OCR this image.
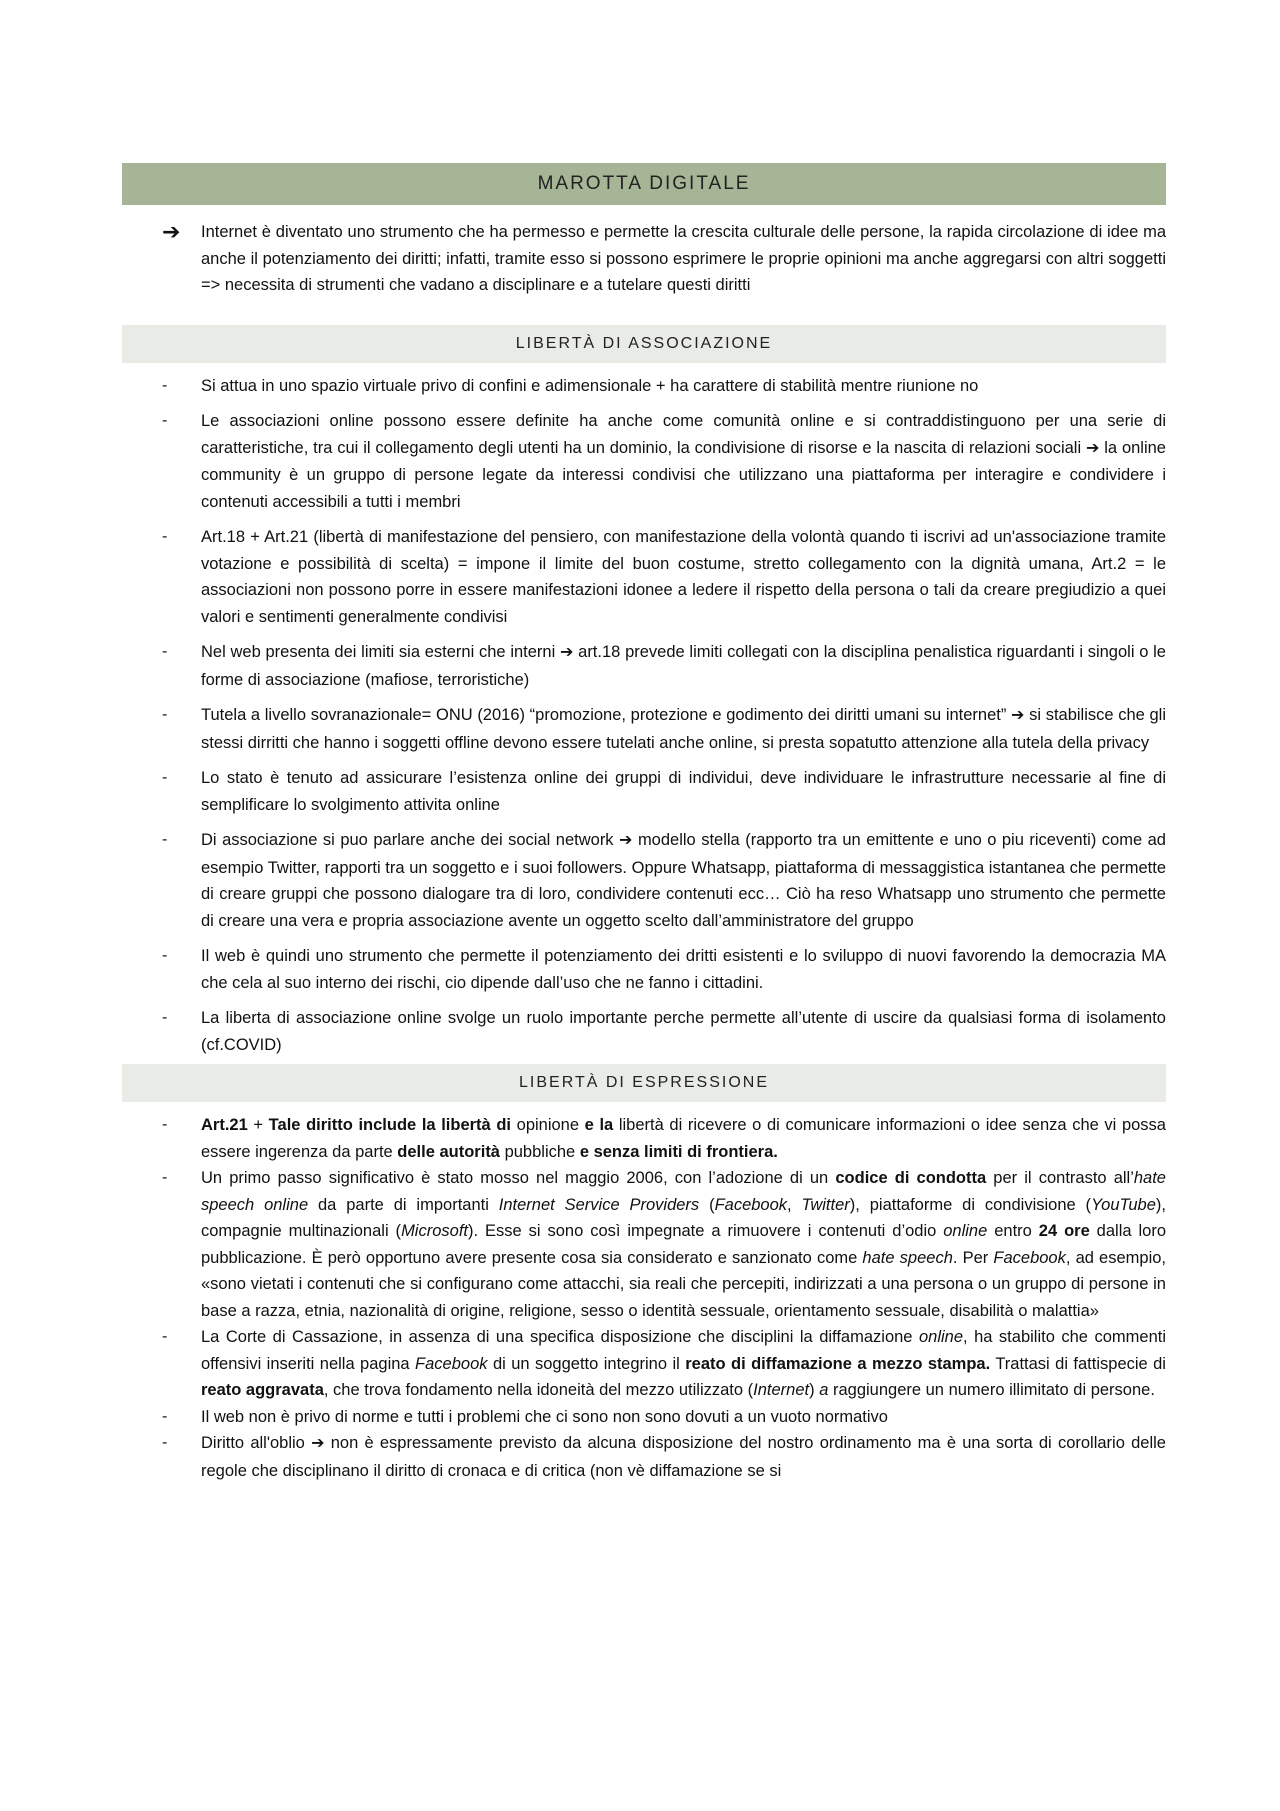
MAROTTA DIGITALE
➔	Internet è diventato uno strumento che ha permesso e permette la crescita culturale delle persone, la rapida circolazione di idee ma anche il potenziamento dei diritti; infatti, tramite esso si possono esprimere le proprie opinioni ma anche aggregarsi con altri soggetti => necessita di strumenti che vadano a disciplinare e a tutelare questi diritti
LIBERTÀ DI ASSOCIAZIONE
-	Si attua in uno spazio virtuale privo di confini e adimensionale + ha carattere di stabilità mentre riunione no
-	Le associazioni online possono essere definite ha anche come comunità online e si contraddistinguono per una serie di caratteristiche, tra cui il collegamento degli utenti ha un dominio, la condivisione di risorse e la nascita di relazioni sociali ➔ la online community è un gruppo di persone legate da interessi condivisi che utilizzano una piattaforma per interagire e condividere i contenuti accessibili a tutti i membri
-	Art.18 + Art.21 (libertà di manifestazione del pensiero, con manifestazione della volontà quando ti iscrivi ad un'associazione tramite votazione e possibilità di scelta) = impone il limite del buon costume, stretto collegamento con la dignità umana, Art.2 = le associazioni non possono porre in essere manifestazioni idonee a ledere il rispetto della persona o tali da creare pregiudizio a quei valori e sentimenti generalmente condivisi
-	Nel web presenta dei limiti sia esterni che interni ➔ art.18 prevede limiti collegati con la disciplina penalistica riguardanti i singoli o le forme di associazione (mafiose, terroristiche)
-	Tutela a livello sovranazionale= ONU (2016) “promozione, protezione e godimento dei diritti umani su internet” ➔ si stabilisce che gli stessi dirritti che hanno i soggetti offline devono essere tutelati anche online, si presta sopatutto attenzione alla tutela della privacy
-	Lo stato è tenuto ad assicurare l’esistenza online dei gruppi di individui, deve individuare le infrastrutture necessarie al fine di semplificare lo svolgimento attivita online
-	Di associazione si puo parlare anche dei social network ➔ modello stella (rapporto tra un emittente e uno o piu riceventi) come ad esempio Twitter, rapporti tra un soggetto e i suoi followers. Oppure Whatsapp, piattaforma di messaggistica istantanea che permette di creare gruppi che possono dialogare tra di loro, condividere contenuti ecc… Ciò ha reso Whatsapp uno strumento che permette di creare una vera e propria associazione avente un oggetto scelto dall’amministratore del gruppo
-	Il web è quindi uno strumento che permette il potenziamento dei dritti esistenti e lo sviluppo di nuovi favorendo la democrazia MA che cela al suo interno dei rischi, cio dipende dall’uso che ne fanno i cittadini.
-	La liberta di associazione online svolge un ruolo importante perche permette all’utente di uscire da qualsiasi forma di isolamento (cf.COVID)
LIBERTÀ DI ESPRESSIONE
-	Art.21 + Tale diritto include la libertà di opinione e la libertà di ricevere o di comunicare informazioni o idee senza che vi possa essere ingerenza da parte delle autorità pubbliche e senza limiti di frontiera.
-	Un primo passo significativo è stato mosso nel maggio 2006, con l’adozione di un codice di condotta per il contrasto all’hate speech online da parte di importanti Internet Service Providers (Facebook, Twitter), piattaforme di condivisione (YouTube), compagnie multinazionali (Microsoft). Esse si sono così impegnate a rimuovere i contenuti d’odio online entro 24 ore dalla loro pubblicazione. È però opportuno avere presente cosa sia considerato e sanzionato come hate speech. Per Facebook, ad esempio, «sono vietati i contenuti che si configurano come attacchi, sia reali che percepiti, indirizzati a una persona o un gruppo di persone in base a razza, etnia, nazionalità di origine, religione, sesso o identità sessuale, orientamento sessuale, disabilità o malattia»
-	La Corte di Cassazione, in assenza di una specifica disposizione che disciplini la diffamazione online, ha stabilito che commenti offensivi inseriti nella pagina Facebook di un soggetto integrino il reato di diffamazione a mezzo stampa. Trattasi di fattispecie di reato aggravata, che trova fondamento nella idoneità del mezzo utilizzato (Internet) a raggiungere un numero illimitato di persone.
-	Il web non è privo di norme e tutti i problemi che ci sono non sono dovuti a un vuoto normativo
-	Diritto all'oblio ➔ non è espressamente previsto da alcuna disposizione del nostro ordinamento ma è una sorta di corollario delle regole che disciplinano il diritto di cronaca e di critica (non vè diffamazione se si
